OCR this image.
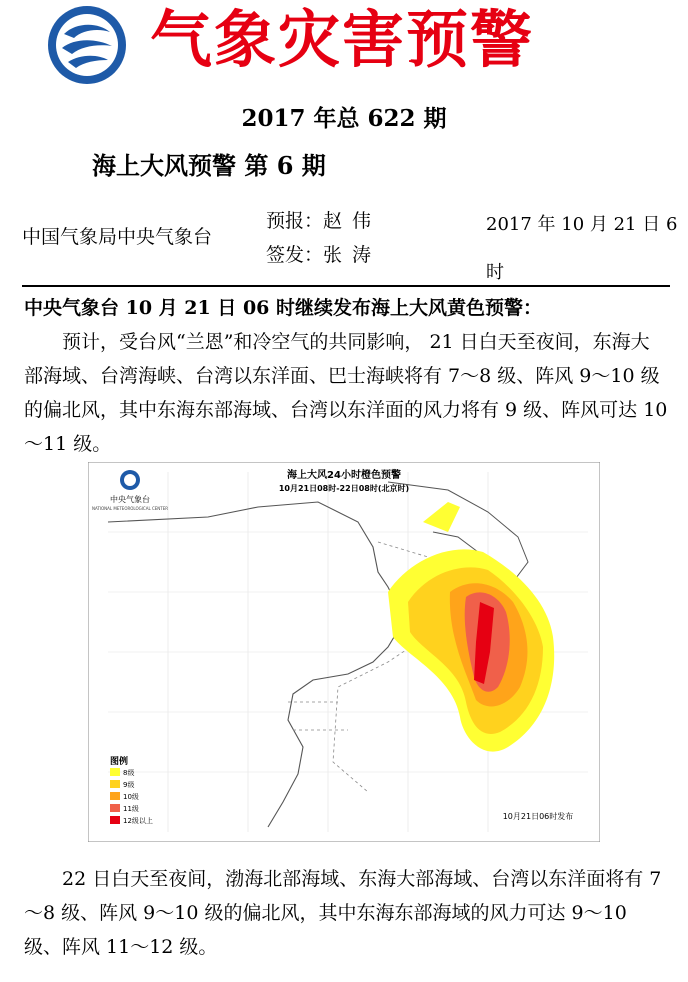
气象灾害预警
2017 年总 622 期
海上大风预警 第 6 期
中国气象局中央气象台
预报：赵伟
签发：张涛
2017 年 10 月 21 日 6 时
中央气象台 10 月 21 日 06 时继续发布海上大风黄色预警：

预计，受台风“兰恩”和冷空气的共同影响， 21 日白天至夜间，东海大部海域、台湾海峡、台湾以东洋面、巴士海峡将有 7～8 级、阵风 9～10 级的偏北风，其中东海东部海域、台湾以东洋面的风力将有 9 级、阵风可达 10～11 级。

中央气象台
NATIONAL METEOROLOGICAL CENTER
海上大风24小时橙色预警
10月21日08时-22日08时(北京时)
图例
8级
9级
10级
11级
12级以上	10月21日06时发布

22 日白天至夜间，渤海北部海域、东海大部海域、台湾以东洋面将有 7～8 级、阵风 9～10 级的偏北风，其中东海东部海域的风力可达 9～10 级、阵风 11～12 级。
